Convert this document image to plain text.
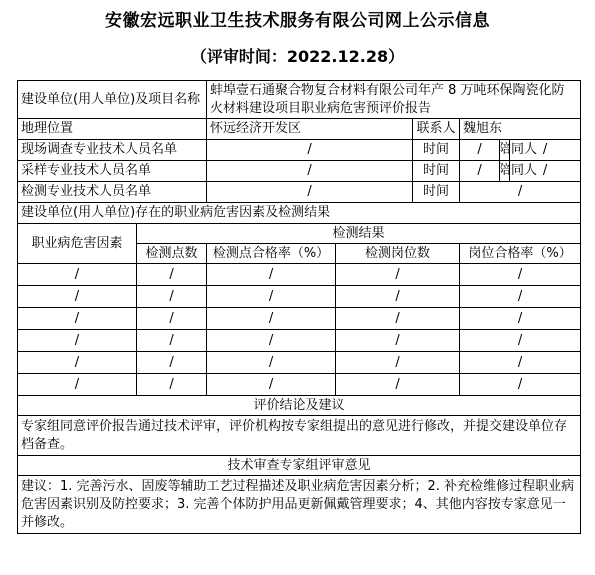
安徽宏远职业卫生技术服务有限公司网上公示信息
（评审时间：2022.12.28）
建设单位(用人单位)及项目名称		蚌埠壹石通聚合物复合材料有限公司年产 8 万吨环保陶瓷化防火材料建设项目职业病危害预评价报告					
地理位置		怀远经济开发区		联系人	魏旭东		
现场调查专业技术人员名单		/		时间	/	陪同人	/
采样专业技术人员名单		/		时间	/	陪同人	/
检测专业技术人员名单		/		时间	/		
建设单位(用人单位)存在的职业病危害因素及检测结果							
职业病危害因素	检测结果						
	检测点数	检测点合格率（%）	检测岗位数		岗位合格率（%）		
/	/	/	/		/		
/	/	/	/		/		
/	/	/	/		/		
/	/	/	/		/		
/	/	/	/		/		
/	/	/	/		/		
评价结论及建议							
专家组同意评价报告通过技术评审，评价机构按专家组提出的意见进行修改，并提交建设单位存档备查。							
技术审查专家组评审意见							
建议：1. 完善污水、固废等辅助工艺过程描述及职业病危害因素分析；2. 补充检维修过程职业病危害因素识别及防控要求；3. 完善个体防护用品更新佩戴管理要求；4、其他内容按专家意见一并修改。							
